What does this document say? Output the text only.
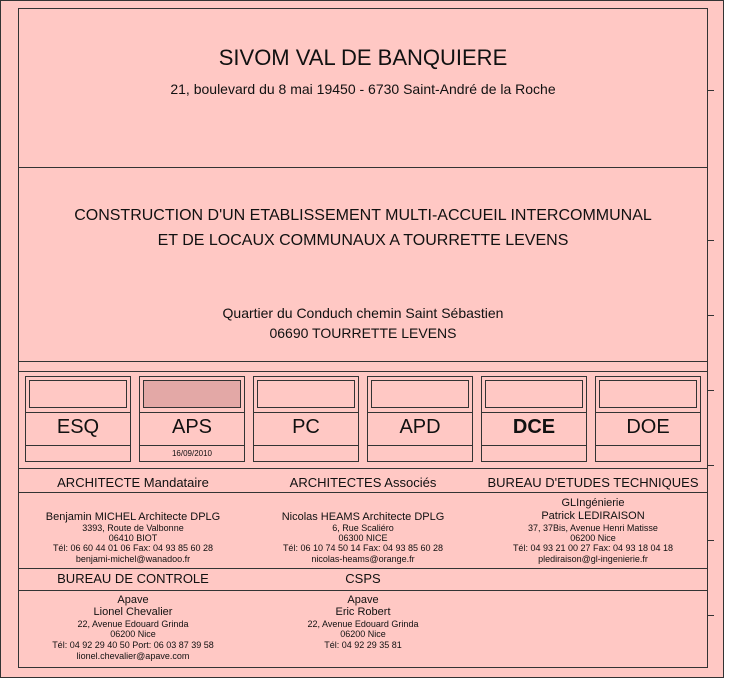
SIVOM VAL DE BANQUIERE
21, boulevard du 8 mai 19450 - 6730 Saint-André de la Roche
CONSTRUCTION D'UN ETABLISSEMENT MULTI-ACCUEIL INTERCOMMUNAL
ET DE LOCAUX COMMUNAUX A TOURRETTE LEVENS
Quartier du Conduch chemin Saint Sébastien
06690 TOURRETTE LEVENS
ESQ	APS
16/09/2010
PC	APD	DCE	DOE
ARCHITECTE Mandataire	ARCHITECTES Associés	BUREAU D'ETUDES TECHNIQUES
Benjamin MICHEL Architecte DPLG
3393, Route de Valbonne
06410 BIOT
Tél: 06 60 44 01 06 Fax: 04 93 85 60 28
benjami-michel@wanadoo.fr
Nicolas HEAMS Architecte DPLG
6, Rue Scaliéro
06300 NICE
Tél: 06 10 74 50 14 Fax: 04 93 85 60 28
nicolas-heams@orange.fr
GLIngénierie
Patrick LEDIRAISON
37, 37Bis, Avenue Henri Matisse
06200 Nice
Tél: 04 93 21 00 27 Fax: 04 93 18 04 18
plediraison@gl-ingenierie.fr
BUREAU DE CONTROLE	CSPS
Apave
Lionel Chevalier
22, Avenue Edouard Grinda
06200 Nice
Tél: 04 92 29 40 50 Port: 06 03 87 39 58
lionel.chevalier@apave.com
Apave
Eric Robert
22, Avenue Edouard Grinda
06200 Nice
Tél: 04 92 29 35 81
